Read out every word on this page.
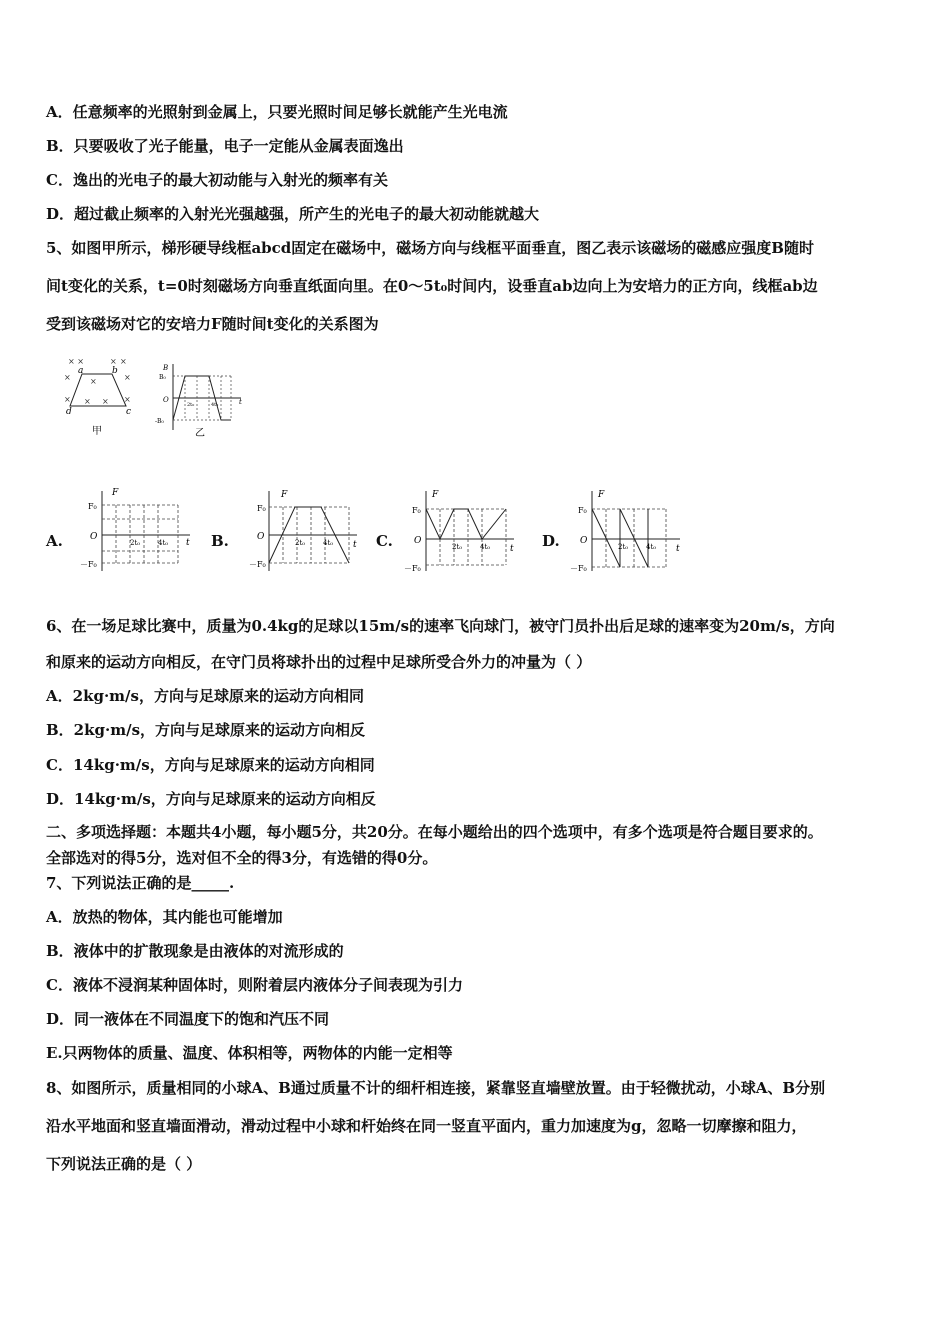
A．任意频率的光照射到金属上，只要光照时间足够长就能产生光电流
B．只要吸收了光子能量，电子一定能从金属表面逸出
C．逸出的光电子的最大初动能与入射光的频率有关
D．超过截止频率的入射光光强越强，所产生的光电子的最大初动能就越大
5、如图甲所示，梯形硬导线框abcd固定在磁场中，磁场方向与线框平面垂直，图乙表示该磁场的磁感应强度B随时
间t变化的关系，t=0时刻磁场方向垂直纸面向里。在0～5t₀时间内，设垂直ab边向上为安培力的正方向，线框ab边
受到该磁场对它的安培力F随时间t变化的关系图为
× ×	× ×
× ×	×
× × × ×
a	b
c
d
甲
B
B₀
O
-B₀
t
2t₀	4t₀
乙
A.
F
F₀
O
－F₀
t
2t₀	4t₀	B.
F
F₀
O
－F₀
t
2t₀	4t₀	C.
F
F₀
O
－F₀
t
2t₀	4t₀	D.
F
F₀
O
－F₀
t
2t₀	4t₀
6、在一场足球比赛中，质量为0.4kg的足球以15m/s的速率飞向球门，被守门员扑出后足球的速率变为20m/s，方向
和原来的运动方向相反，在守门员将球扑出的过程中足球所受合外力的冲量为（ ）
A．2kg·m/s，方向与足球原来的运动方向相同
B．2kg·m/s，方向与足球原来的运动方向相反
C．14kg·m/s，方向与足球原来的运动方向相同
D．14kg·m/s，方向与足球原来的运动方向相反
二、多项选择题：本题共4小题，每小题5分，共20分。在每小题给出的四个选项中，有多个选项是符合题目要求的。
全部选对的得5分，选对但不全的得3分，有选错的得0分。
7、下列说法正确的是_____.
A．放热的物体，其内能也可能增加
B．液体中的扩散现象是由液体的对流形成的
C．液体不浸润某种固体时，则附着层内液体分子间表现为引力
D．同一液体在不同温度下的饱和汽压不同
E.只两物体的质量、温度、体积相等，两物体的内能一定相等
8、如图所示，质量相同的小球A、B通过质量不计的细杆相连接，紧靠竖直墙壁放置。由于轻微扰动，小球A、B分别
沿水平地面和竖直墙面滑动，滑动过程中小球和杆始终在同一竖直平面内，重力加速度为g，忽略一切摩擦和阻力，
下列说法正确的是（ ）
